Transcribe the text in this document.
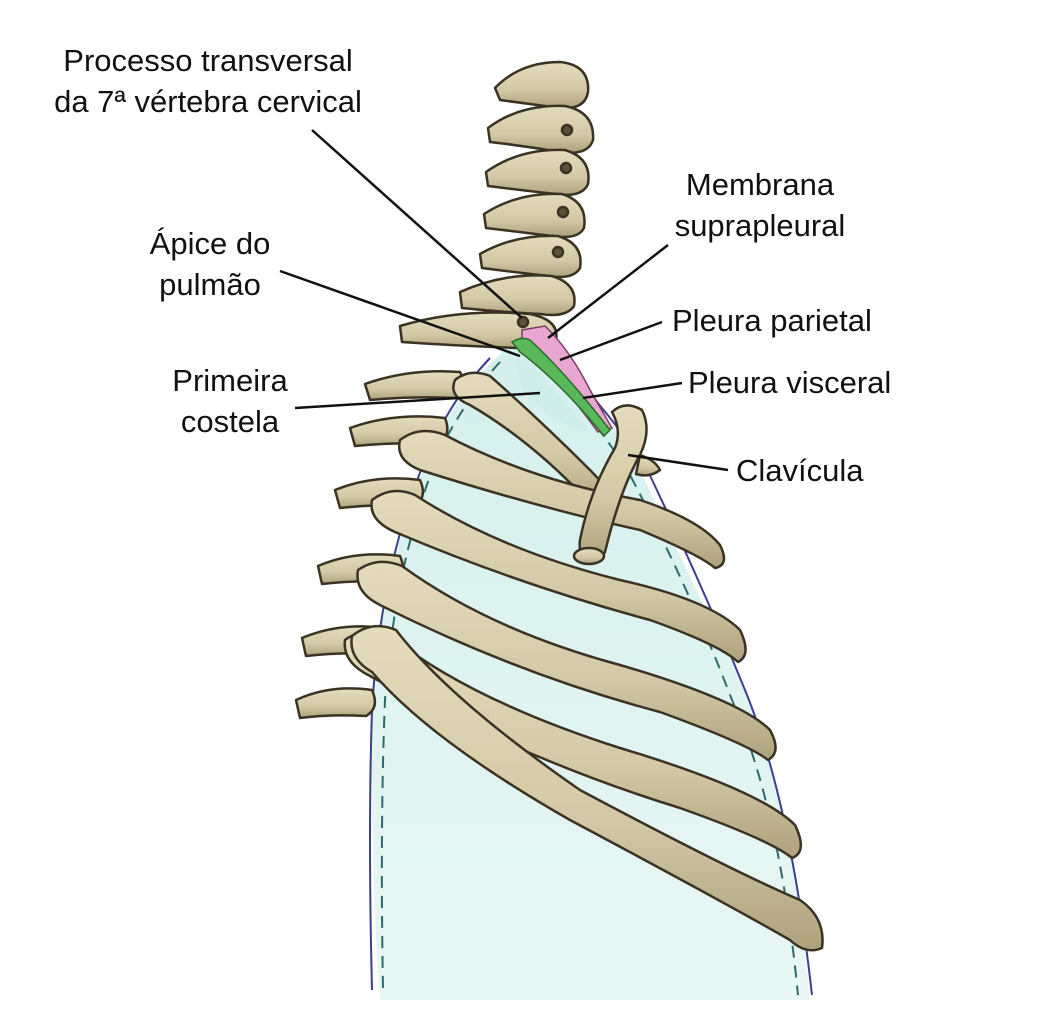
Processo transversal
da 7ª vértebra cervical
Membrana
suprapleural
Ápice do
pulmão
Pleura parietal
Pleura visceral
Primeira
costela
Clavícula
